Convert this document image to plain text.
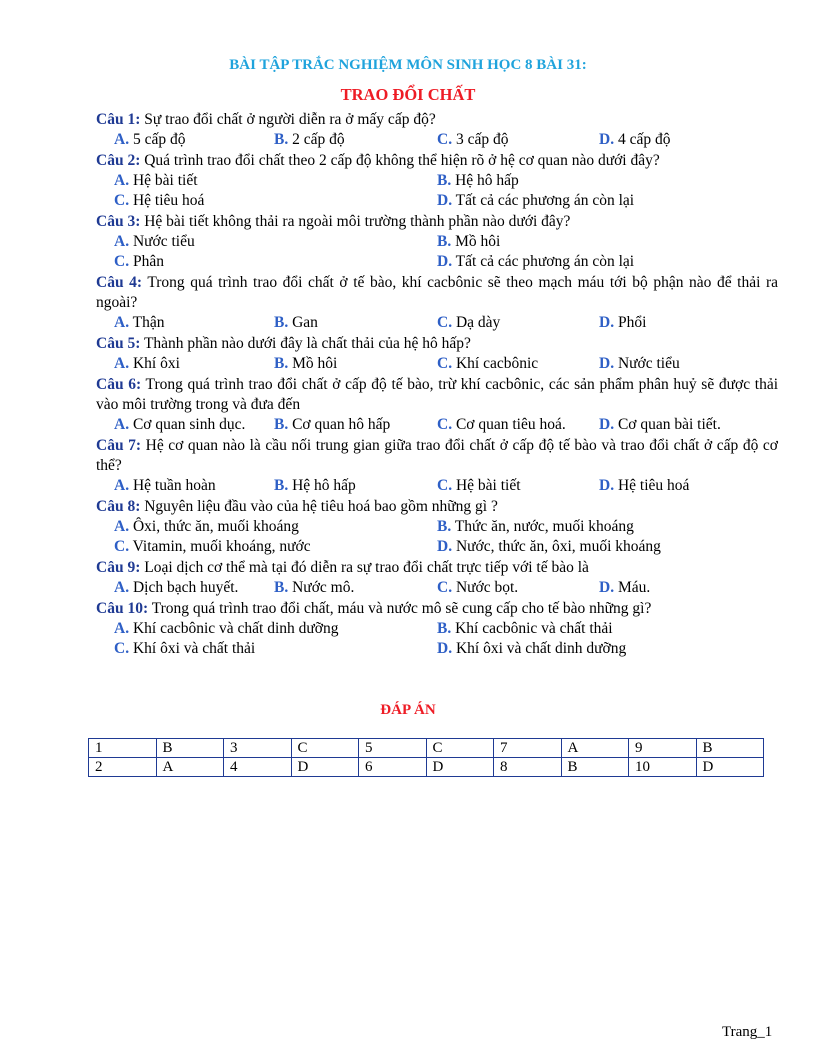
BÀI TẬP TRẮC NGHIỆM MÔN SINH HỌC 8 BÀI 31:
TRAO ĐỔI CHẤT
Câu 1: Sự trao đổi chất ở người diễn ra ở mấy cấp độ?
A. 5 cấp độ	B. 2 cấp độ	C. 3 cấp độ	D. 4 cấp độ
Câu 2: Quá trình trao đổi chất theo 2 cấp độ không thể hiện rõ ở hệ cơ quan nào dưới đây?
A. Hệ bài tiết	B. Hệ hô hấp
C. Hệ tiêu hoá	D. Tất cả các phương án còn lại
Câu 3: Hệ bài tiết không thải ra ngoài môi trường thành phần nào dưới đây?
A. Nước tiểu	B. Mồ hôi
C. Phân	D. Tất cả các phương án còn lại
Câu 4: Trong quá trình trao đổi chất ở tế bào, khí cacbônic sẽ theo mạch máu tới bộ phận nào để thải ra ngoài?
A. Thận	B. Gan	C. Dạ dày	D. Phổi
Câu 5: Thành phần nào dưới đây là chất thải của hệ hô hấp?
A. Khí ôxi	B. Mồ hôi	C. Khí cacbônic	D. Nước tiểu
Câu 6: Trong quá trình trao đổi chất ở cấp độ tế bào, trừ khí cacbônic, các sản phẩm phân huỷ sẽ được thải vào môi trường trong và đưa đến
A. Cơ quan sinh dục. B. Cơ quan hô hấp	C. Cơ quan tiêu hoá. D. Cơ quan bài tiết.
Câu 7: Hệ cơ quan nào là cầu nối trung gian giữa trao đổi chất ở cấp độ tế bào và trao đổi chất ở cấp độ cơ thể?
A. Hệ tuần hoàn	B. Hệ hô hấp	C. Hệ bài tiết	D. Hệ tiêu hoá
Câu 8: Nguyên liệu đầu vào của hệ tiêu hoá bao gồm những gì ?
A. Ôxi, thức ăn, muối khoáng	B. Thức ăn, nước, muối khoáng
C. Vitamin, muối khoáng, nước	D. Nước, thức ăn, ôxi, muối khoáng
Câu 9: Loại dịch cơ thể mà tại đó diễn ra sự trao đổi chất trực tiếp với tế bào là
A. Dịch bạch huyết. B. Nước mô.	C. Nước bọt.	D. Máu.
Câu 10: Trong quá trình trao đổi chất, máu và nước mô sẽ cung cấp cho tế bào những gì?
A. Khí cacbônic và chất dinh dưỡng	B. Khí cacbônic và chất thải
C. Khí ôxi và chất thải	D. Khí ôxi và chất dinh dưỡng
ĐÁP ÁN
1	B	3	C	5	C	7	A	9	B
2	A	4	D	6	D	8	B	10	D
Trang_1
